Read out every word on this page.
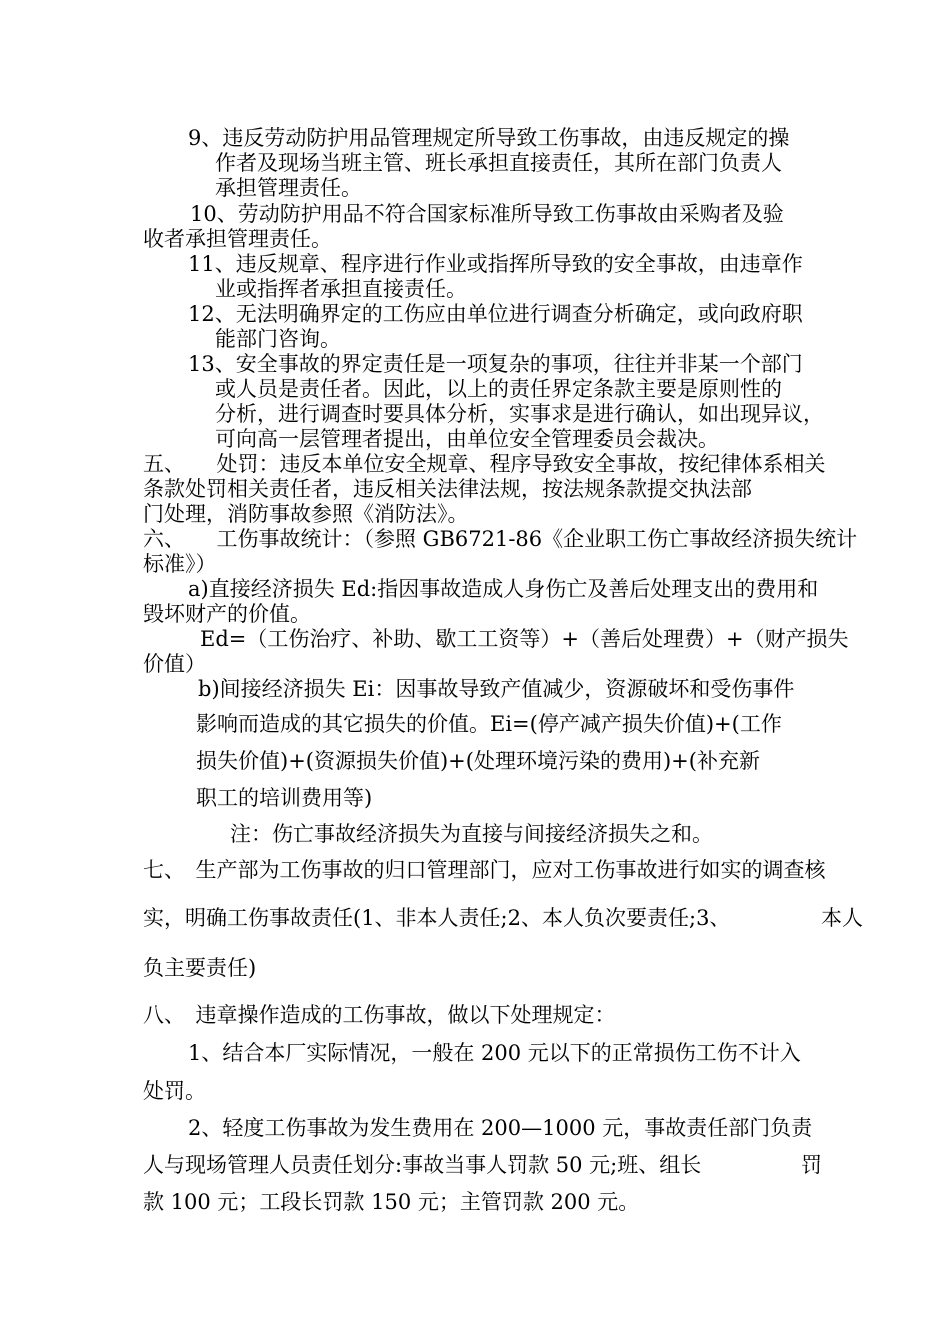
9、违反劳动防护用品管理规定所导致工伤事故，由违反规定的操
作者及现场当班主管、班长承担直接责任，其所在部门负责人
承担管理责任。
10、劳动防护用品不符合国家标准所导致工伤事故由采购者及验
收者承担管理责任。
11、违反规章、程序进行作业或指挥所导致的安全事故，由违章作
业或指挥者承担直接责任。
12、无法明确界定的工伤应由单位进行调查分析确定，或向政府职
能部门咨询。
13、安全事故的界定责任是一项复杂的事项，往往并非某一个部门
或人员是责任者。因此，以上的责任界定条款主要是原则性的
分析，进行调查时要具体分析，实事求是进行确认，如出现异议，
可向高一层管理者提出，由单位安全管理委员会裁决。
五、　　处罚：违反本单位安全规章、程序导致安全事故，按纪律体系相关
条款处罚相关责任者，违反相关法律法规，按法规条款提交执法部
门处理，消防事故参照《消防法》。
六、　　工伤事故统计：（参照 GB6721-86《企业职工伤亡事故经济损失统计
标准》）
a)直接经济损失 Ed:指因事故造成人身伤亡及善后处理支出的费用和
毁坏财产的价值。
Ed=（工伤治疗、补助、歇工工资等）+（善后处理费）+（财产损失
价值）
b)间接经济损失 Ei：因事故导致产值减少，资源破坏和受伤事件
影响而造成的其它损失的价值。Ei=(停产减产损失价值)+(工作
损失价值)+(资源损失价值)+(处理环境污染的费用)+(补充新
职工的培训费用等)
注：伤亡事故经济损失为直接与间接经济损失之和。
七、　生产部为工伤事故的归口管理部门，应对工伤事故进行如实的调查核
实，明确工伤事故责任(1、非本人责任;2、本人负次要责任;3、	本人
负主要责任)
八、　违章操作造成的工伤事故，做以下处理规定：
1、结合本厂实际情况，一般在 200 元以下的正常损伤工伤不计入
处罚。
2、轻度工伤事故为发生费用在 200—1000 元，事故责任部门负责
人与现场管理人员责任划分:事故当事人罚款 50 元;班、组长	罚
款 100 元；工段长罚款 150 元；主管罚款 200 元。
